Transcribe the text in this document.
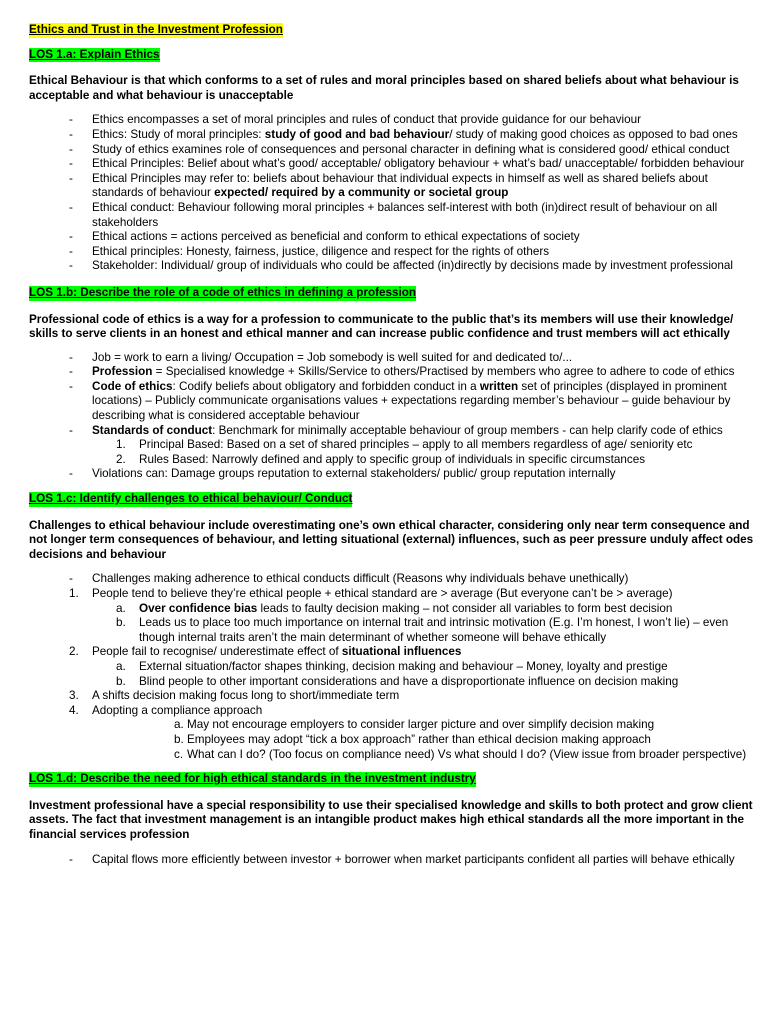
Ethics and Trust in the Investment Profession
LOS 1.a: Explain Ethics

Ethical Behaviour is that which conforms to a set of rules and moral principles based on shared beliefs about what behaviour is acceptable and what behaviour is unacceptable

-	Ethics encompasses a set of moral principles and rules of conduct that provide guidance for our behaviour

-	Ethics: Study of moral principles: study of good and bad behaviour/ study of making good choices as opposed to bad ones

-	Study of ethics examines role of consequences and personal character in defining what is considered good/ ethical conduct

-	Ethical Principles: Belief about what’s good/ acceptable/ obligatory behaviour + what’s bad/ unacceptable/ forbidden behaviour

-	Ethical Principles may refer to: beliefs about behaviour that individual expects in himself as well as shared beliefs about standards of behaviour expected/ required by a community or societal group

-	Ethical conduct: Behaviour following moral principles + balances self-interest with both (in)direct result of behaviour on all stakeholders

-	Ethical actions = actions perceived as beneficial and conform to ethical expectations of society

-	Ethical principles: Honesty, fairness, justice, diligence and respect for the rights of others

-	Stakeholder: Individual/ group of individuals who could be affected (in)directly by decisions made by investment professional

LOS 1.b: Describe the role of a code of ethics in defining a profession

Professional code of ethics is a way for a profession to communicate to the public that’s its members will use their knowledge/ skills to serve clients in an honest and ethical manner and can increase public confidence and trust members will act ethically

-	Job = work to earn a living/ Occupation = Job somebody is well suited for and dedicated to/...

-	Profession = Specialised knowledge + Skills/Service to others/Practised by members who agree to adhere to code of ethics

-	Code of ethics: Codify beliefs about obligatory and forbidden conduct in a written set of principles (displayed in prominent locations) – Publicly communicate organisations values + expectations regarding member’s behaviour – guide behaviour by describing what is considered acceptable behaviour

-	Standards of conduct: Benchmark for minimally acceptable behaviour of group members - can help clarify code of ethics

1.	Principal Based: Based on a set of shared principles – apply to all members regardless of age/ seniority etc

2.	Rules Based: Narrowly defined and apply to specific group of individuals in specific circumstances

-	Violations can: Damage groups reputation to external stakeholders/ public/ group reputation internally

LOS 1.c: Identify challenges to ethical behaviour/ Conduct

Challenges to ethical behaviour include overestimating one’s own ethical character, considering only near term consequence and not longer term consequences of behaviour, and letting situational (external) influences, such as peer pressure unduly affect odes decisions and behaviour

-	Challenges making adherence to ethical conducts difficult (Reasons why individuals behave unethically)

1.	People tend to believe they’re ethical people + ethical standard are > average (But everyone can’t be > average)

a.	Over confidence bias leads to faulty decision making – not consider all variables to form best decision

b.	Leads us to place too much importance on internal trait and intrinsic motivation (E.g. I’m honest, I won’t lie) – even though internal traits aren’t the main determinant of whether someone will behave ethically

2.	People fail to recognise/ underestimate effect of situational influences

a.	External situation/factor shapes thinking, decision making and behaviour – Money, loyalty and prestige

b.	Blind people to other important considerations and have a disproportionate influence on decision making

3.	A shifts decision making focus long to short/immediate term

4.	Adopting a compliance approach

a. May not encourage employers to consider larger picture and over simplify decision making

b. Employees may adopt “tick a box approach” rather than ethical decision making approach

c. What can I do? (Too focus on compliance need) Vs what should I do? (View issue from broader perspective)

LOS 1.d: Describe the need for high ethical standards in the investment industry

Investment professional have a special responsibility to use their specialised knowledge and skills to both protect and grow client assets. The fact that investment management is an intangible product makes high ethical standards all the more important in the financial services profession

-	Capital flows more efficiently between investor + borrower when market participants confident all parties will behave ethically
